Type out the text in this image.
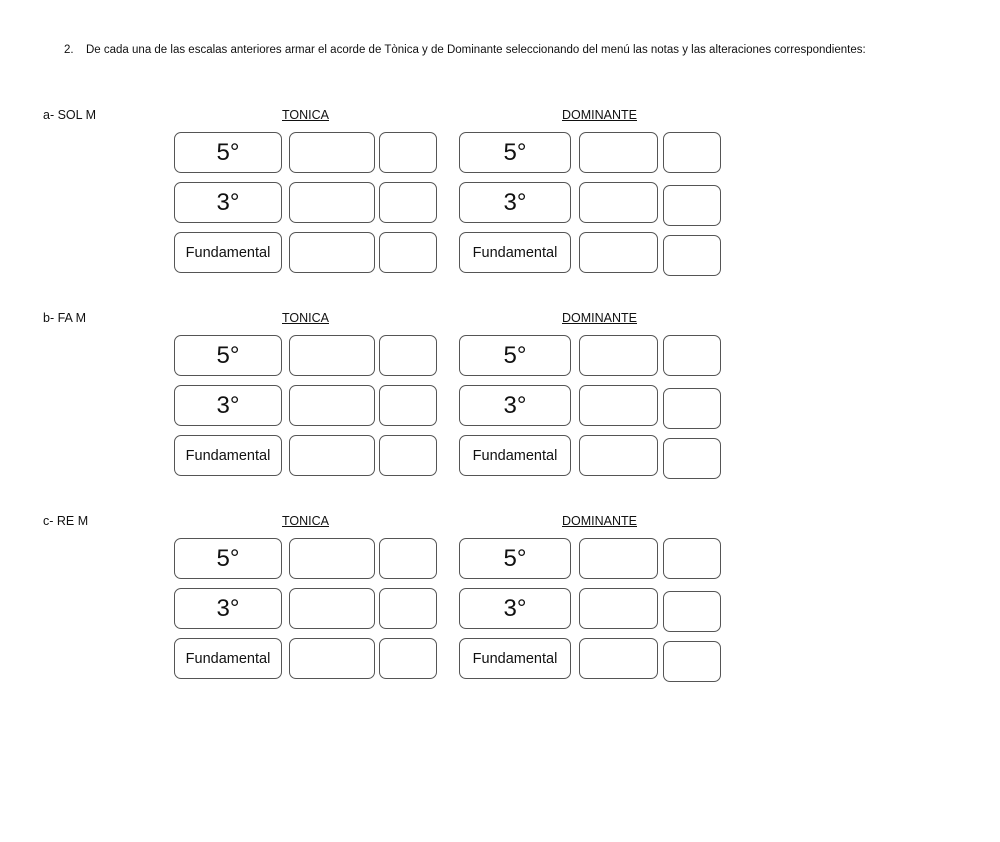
2. De cada una de las escalas anteriores armar el acorde de Tònica y de Dominante seleccionando del menú las notas y las alteraciones correspondientes:
a- SOL M	TONICA	DOMINANTE
5°	5°
3°	3°
Fundamental	Fundamental
b- FA M	TONICA	DOMINANTE
5°	5°
3°	3°
Fundamental	Fundamental
c- RE M	TONICA	DOMINANTE
5°	5°
3°	3°
Fundamental	Fundamental
